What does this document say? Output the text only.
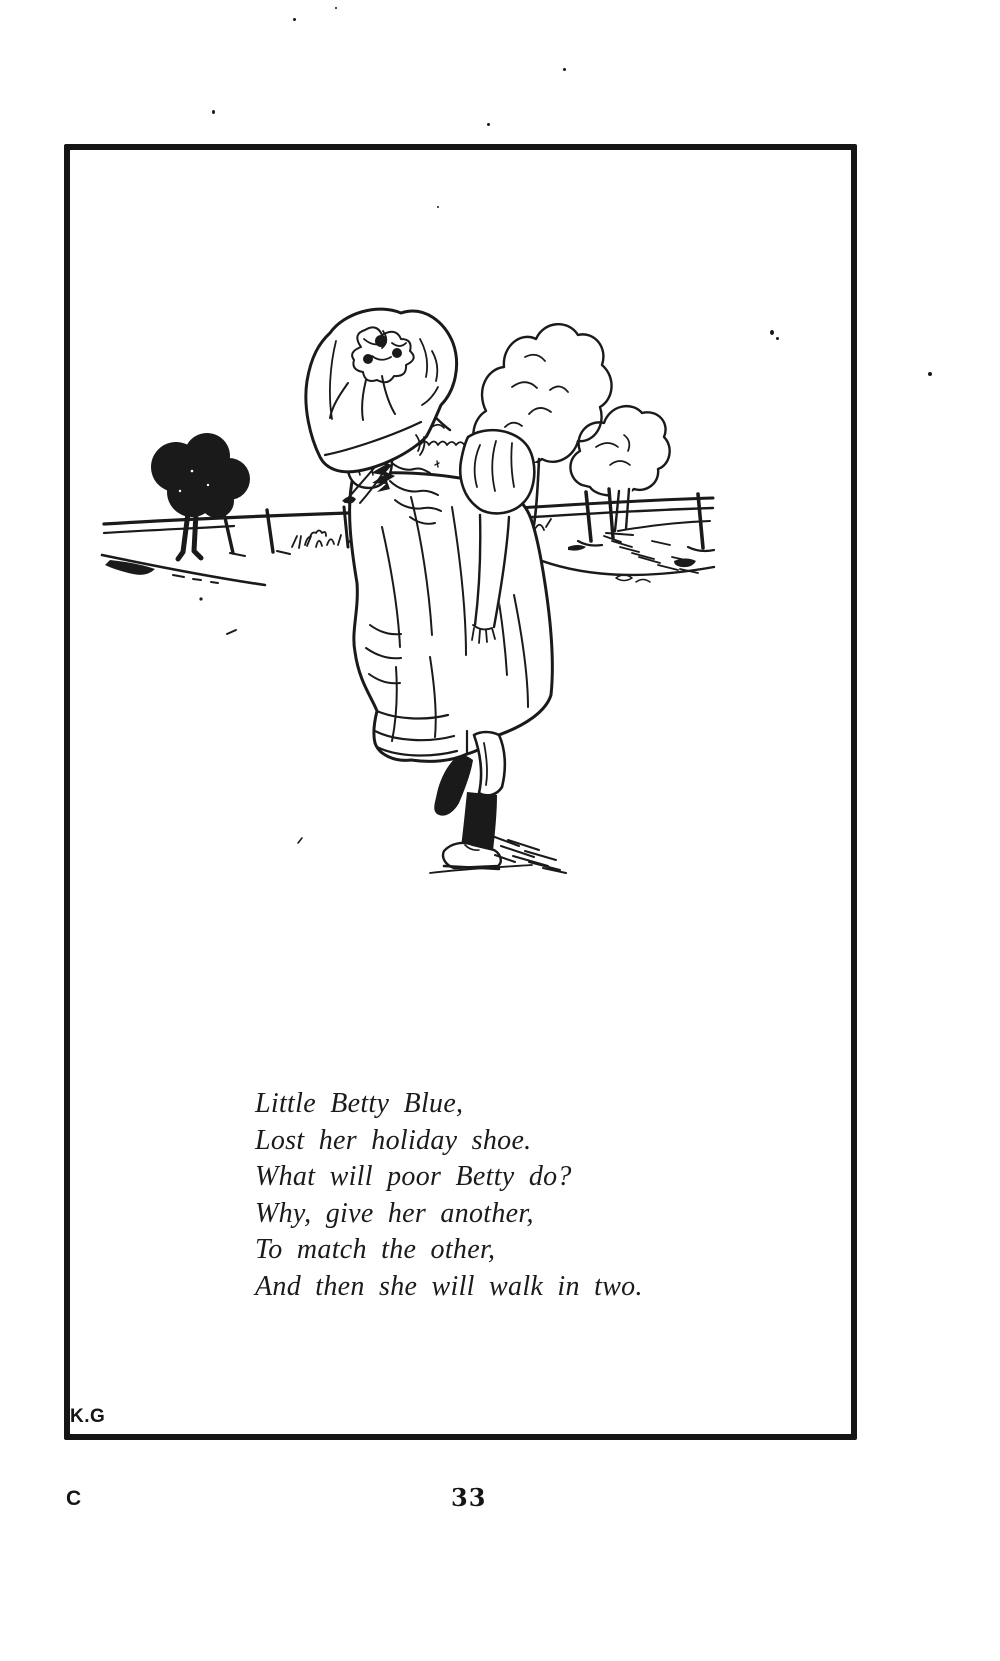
Little Betty Blue,
Lost her holiday shoe.
What will poor Betty do?
Why, give her another,
To match the other,
And then she will walk in two.
K.G
C	33
